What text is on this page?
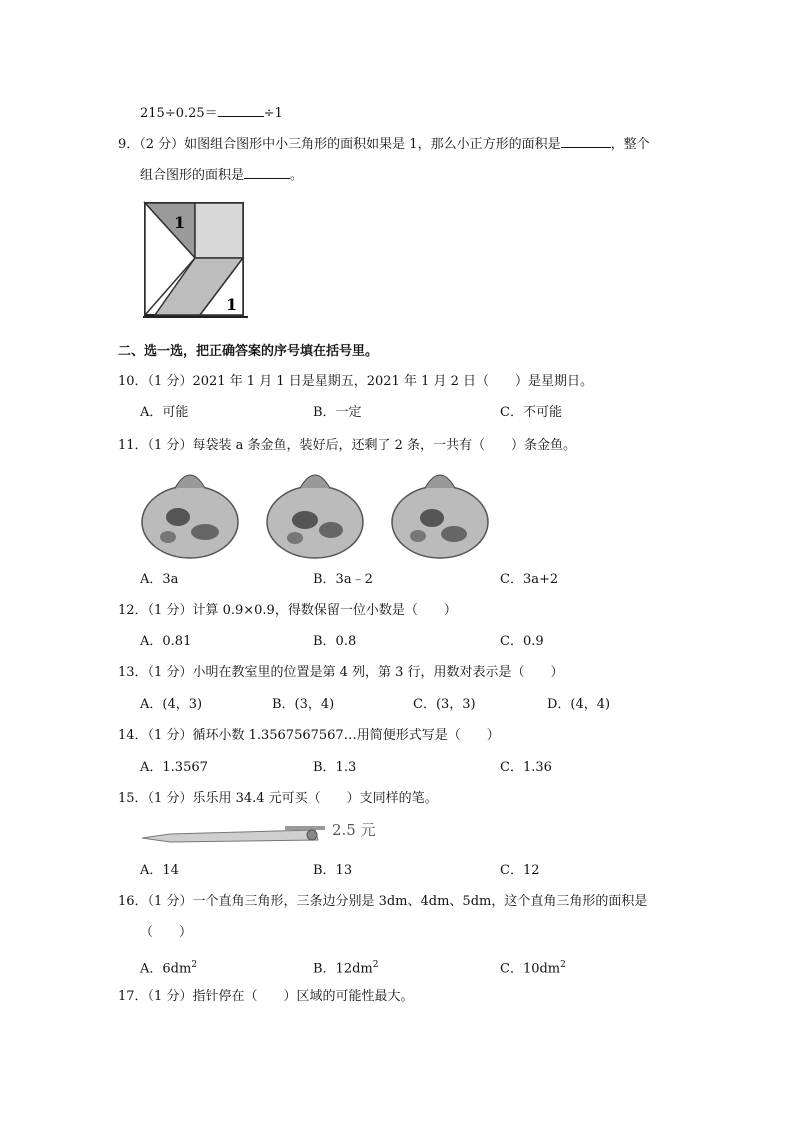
215÷0.25＝	÷1
9．（2 分）如图组合图形中小三角形的面积如果是 1，那么小正方形的面积是	，整个
组合图形的面积是	。
1
1
二、选一选，把正确答案的序号填在括号里。
10．（1 分）2021 年 1 月 1 日是星期五，2021 年 1 月 2 日（　　）是星期日。
A．可能	B．一定	C．不可能
11．（1 分）每袋装 a 条金鱼，装好后，还剩了 2 条，一共有（　　）条金鱼。
A．3a	B．3a﹣2	C．3a+2
12．（1 分）计算 0.9×0.9，得数保留一位小数是（　　）
A．0.81	B．0.8	C．0.9
13．（1 分）小明在教室里的位置是第 4 列，第 3 行，用数对表示是（　　）
A．(4，3)	B．(3，4)	C．(3，3)	D．(4，4)
14．（1 分）循环小数 1.3567567567…用简便形式写是（　　）
A．1.3567	B．1.3	C．1.36
15．（1 分）乐乐用 34.4 元可买（　　）支同样的笔。
2.5 元
A．14	B．13	C．12
16．（1 分）一个直角三角形，三条边分别是 3dm、4dm、5dm，这个直角三角形的面积是
（　　）
A．$6dm^2$	B．$12dm^2$	C．$10dm^2$
17．（1 分）指针停在（　　）区域的可能性最大。
